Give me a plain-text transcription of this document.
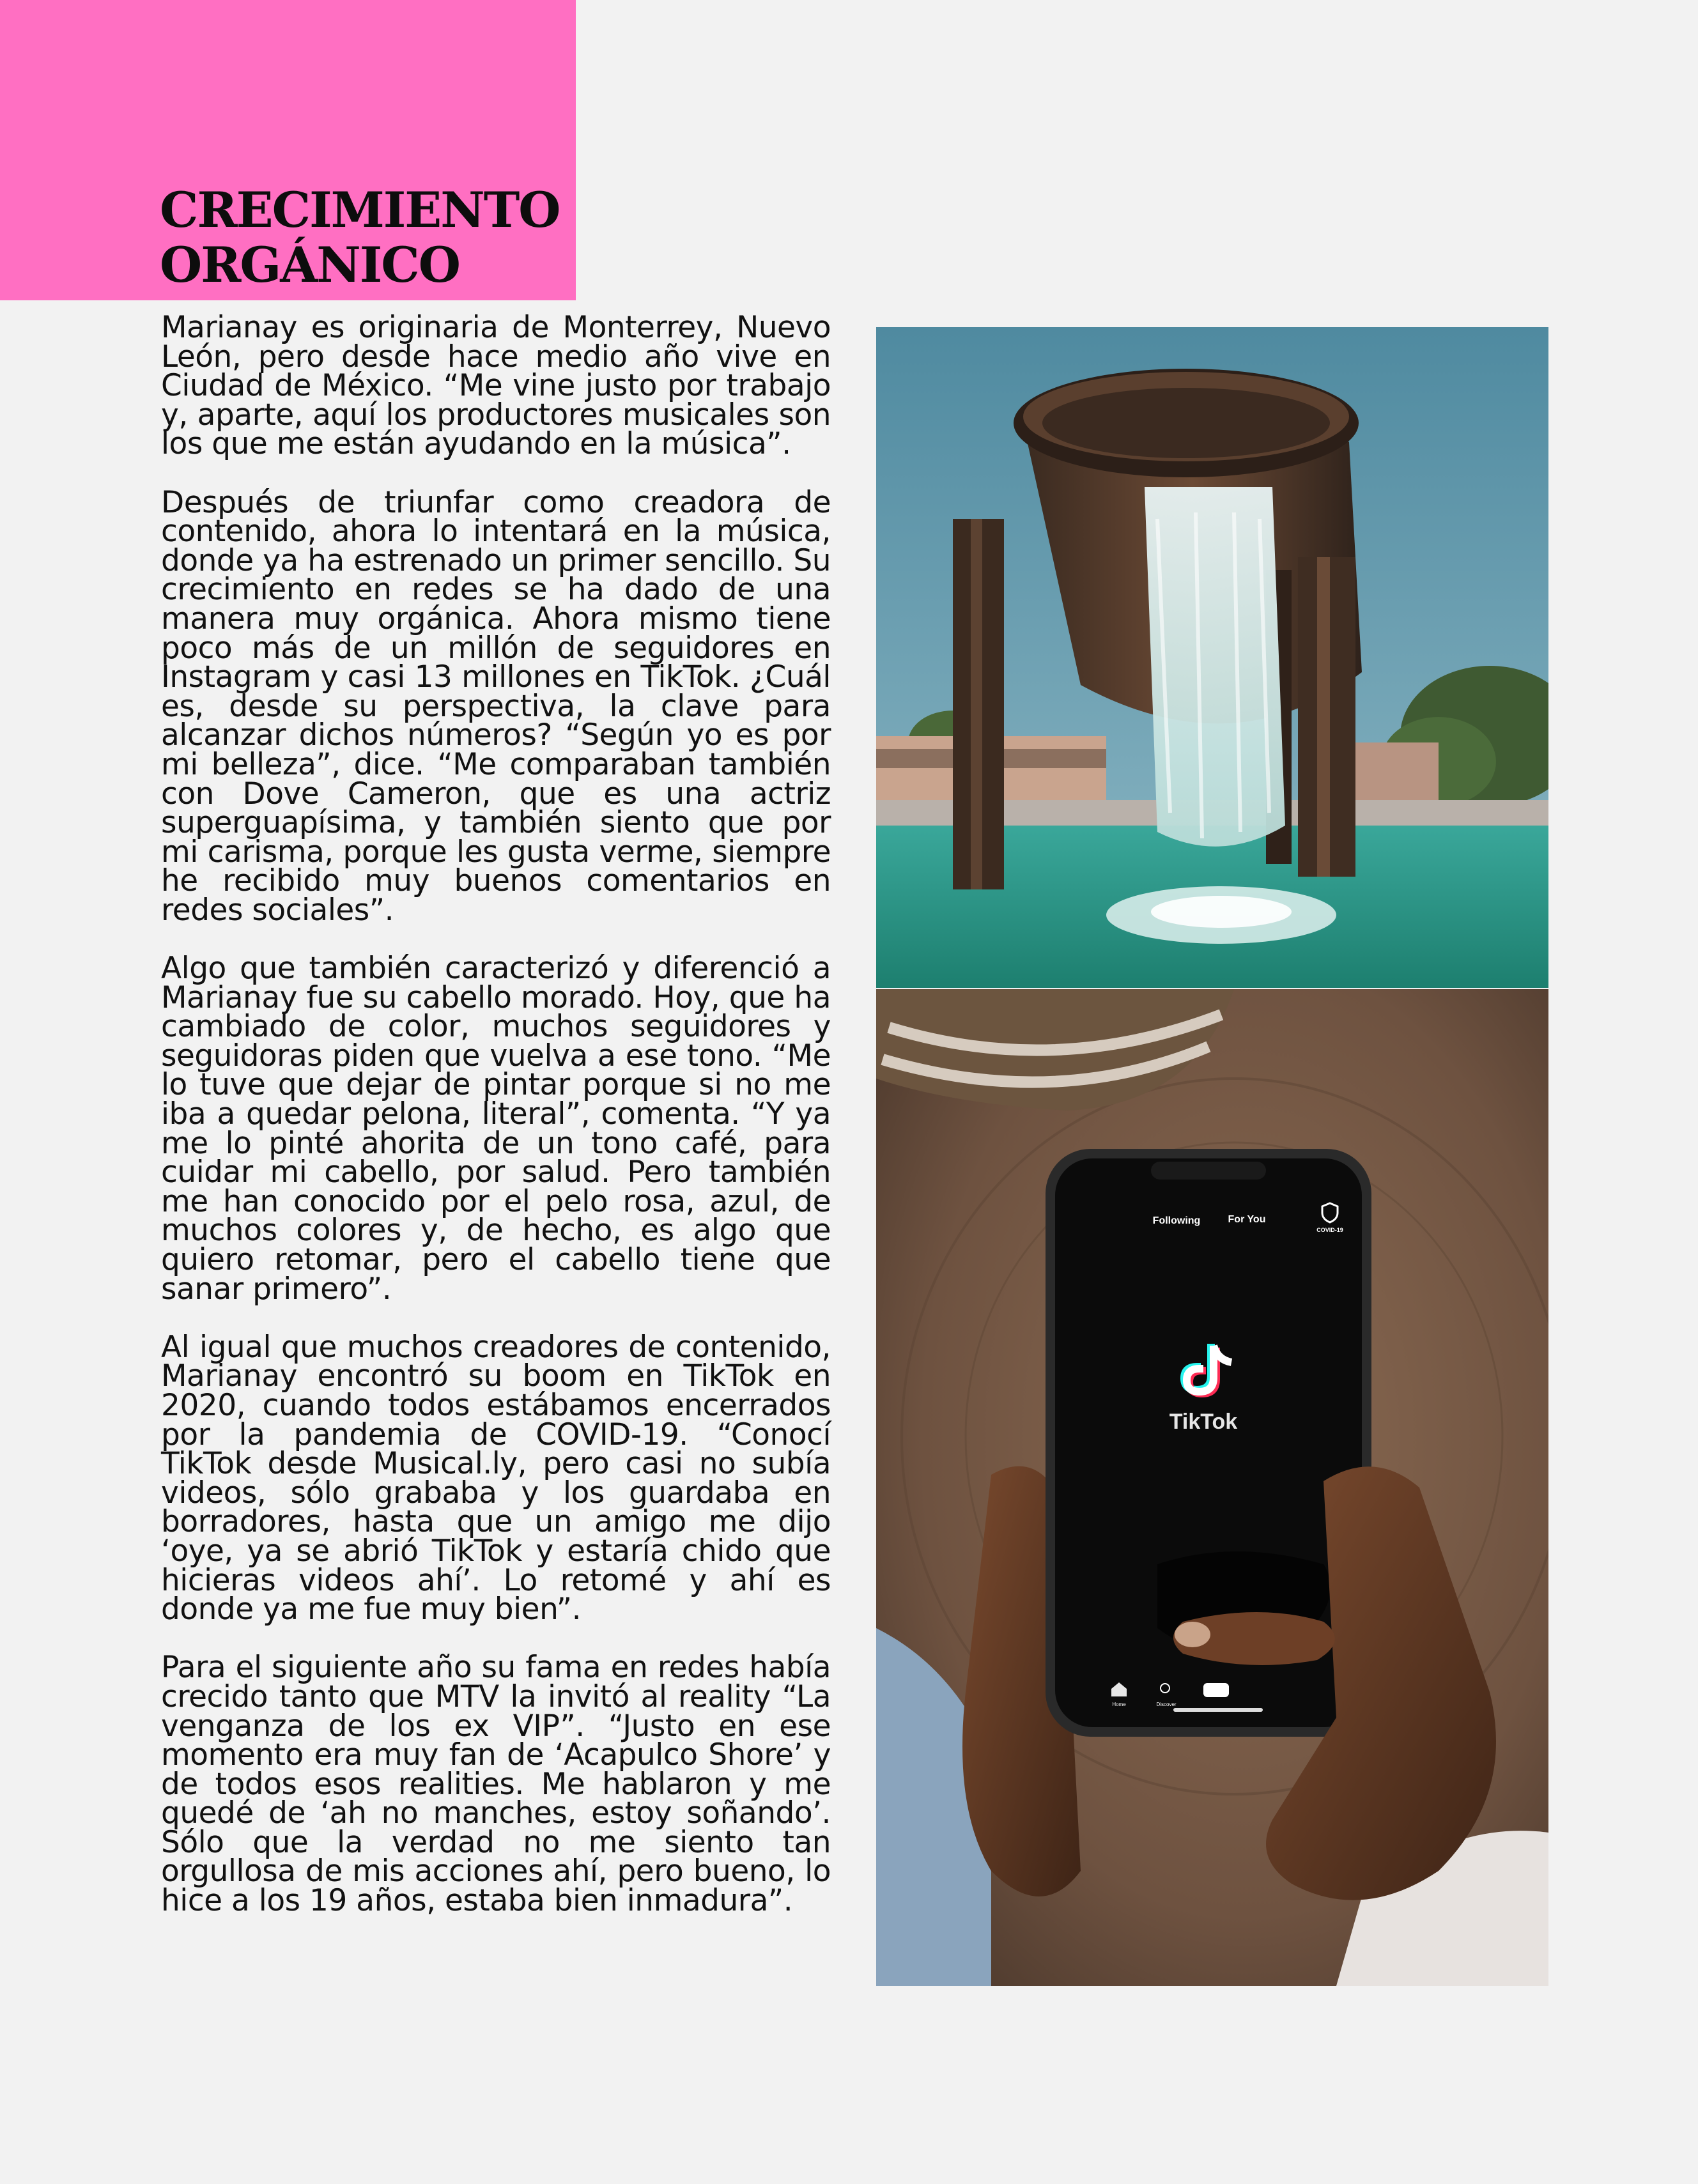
CRECIMIENTO
ORGÁNICO

Marianay es originaria de Monterrey, Nuevo León, pero desde hace medio año vive en Ciudad de México. “Me vine justo por trabajo y, aparte, aquí los productores musicales son los que me están ayudando en la música”.

Después de triunfar como creadora de contenido, ahora lo intentará en la música, donde ya ha estrenado un primer sencillo. Su crecimiento en redes se ha dado de una manera muy orgánica. Ahora mismo tiene poco más de un millón de seguidores en Instagram y casi 13 millones en TikTok. ¿Cuál es, desde su perspectiva, la clave para alcanzar dichos números? “Según yo es por mi belleza”, dice. “Me comparaban también con Dove Cameron, que es una actriz superguapísima, y también siento que por mi carisma, porque les gusta verme, siempre he recibido muy buenos comentarios en redes sociales”.

Algo que también caracterizó y diferenció a Marianay fue su cabello morado. Hoy, que ha cambiado de color, muchos seguidores y seguidoras piden que vuelva a ese tono. “Me lo tuve que dejar de pintar porque si no me iba a quedar pelona, literal”, comenta. “Y ya me lo pinté ahorita de un tono café, para cuidar mi cabello, por salud. Pero también me han conocido por el pelo rosa, azul, de muchos colores y, de hecho, es algo que quiero retomar, pero el cabello tiene que sanar primero”.

Al igual que muchos creadores de contenido, Marianay encontró su boom en TikTok en 2020, cuando todos estábamos encerrados por la pandemia de COVID-19. “Conocí TikTok desde Musical.ly, pero casi no subía videos, sólo grababa y los guardaba en borradores, hasta que un amigo me dijo ‘oye, ya se abrió TikTok y estaría chido que hicieras videos ahí’. Lo retomé y ahí es donde ya me fue muy bien”.

Para el siguiente año su fama en redes había crecido tanto que MTV la invitó al reality “La venganza de los ex VIP”. “Justo en ese momento era muy fan de ‘Acapulco Shore’ y de todos esos realities. Me hablaron y me quedé de ‘ah no manches, estoy soñando’. Sólo que la verdad no me siento tan orgullosa de mis acciones ahí, pero bueno, lo hice a los 19 años, estaba bien inmadura”.

Following	For You
COVID-19
TikTok
Home	Discover
